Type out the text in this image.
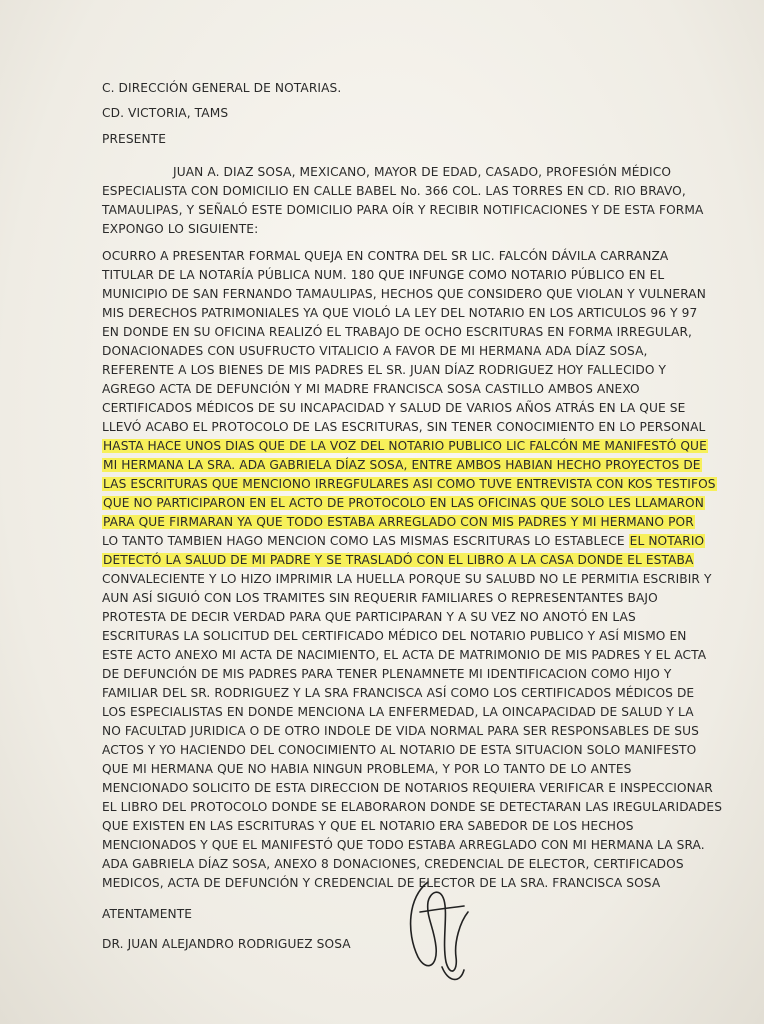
C. DIRECCIÓN GENERAL DE NOTARIAS.
CD. VICTORIA, TAMS
PRESENTE
JUAN A. DIAZ SOSA, MEXICANO, MAYOR DE EDAD, CASADO, PROFESIÓN MÉDICO
ESPECIALISTA CON DOMICILIO EN CALLE BABEL No. 366 COL. LAS TORRES EN CD. RIO BRAVO,
TAMAULIPAS, Y SEÑALÓ ESTE DOMICILIO PARA OÍR Y RECIBIR NOTIFICACIONES Y DE ESTA FORMA
EXPONGO LO SIGUIENTE:
OCURRO A PRESENTAR FORMAL QUEJA EN CONTRA DEL SR LIC. FALCÓN DÁVILA CARRANZA
TITULAR DE LA NOTARÍA PÚBLICA NUM. 180 QUE INFUNGE COMO NOTARIO PÚBLICO EN EL
MUNICIPIO DE SAN FERNANDO TAMAULIPAS, HECHOS QUE CONSIDERO QUE VIOLAN Y VULNERAN
MIS DERECHOS PATRIMONIALES YA QUE VIOLÓ LA LEY DEL NOTARIO EN LOS ARTICULOS 96 Y 97
EN DONDE EN SU OFICINA REALIZÓ EL TRABAJO DE OCHO ESCRITURAS EN FORMA IRREGULAR,
DONACIONADES CON USUFRUCTO VITALICIO A FAVOR DE MI HERMANA ADA DÍAZ SOSA,
REFERENTE A LOS BIENES DE MIS PADRES EL SR. JUAN DÍAZ RODRIGUEZ HOY FALLECIDO Y
AGREGO ACTA DE DEFUNCIÓN Y MI MADRE FRANCISCA SOSA CASTILLO AMBOS ANEXO
CERTIFICADOS MÉDICOS DE SU INCAPACIDAD Y SALUD DE VARIOS AÑOS ATRÁS EN LA QUE SE
LLEVÓ ACABO EL PROTOCOLO DE LAS ESCRITURAS, SIN TENER CONOCIMIENTO EN LO PERSONAL
HASTA HACE UNOS DIAS QUE DE LA VOZ DEL NOTARIO PUBLICO LIC FALCÓN ME MANIFESTÓ QUE
MI HERMANA LA SRA. ADA GABRIELA DÍAZ SOSA, ENTRE AMBOS HABIAN HECHO PROYECTOS DE
LAS ESCRITURAS QUE MENCIONO IRREGFULARES ASI COMO TUVE ENTREVISTA CON KOS TESTIFOS
QUE NO PARTICIPARON EN EL ACTO DE PROTOCOLO EN LAS OFICINAS QUE SOLO LES LLAMARON
PARA QUE FIRMARAN YA QUE TODO ESTABA ARREGLADO CON MIS PADRES Y MI HERMANO POR
LO TANTO TAMBIEN HAGO MENCION COMO LAS MISMAS ESCRITURAS LO ESTABLECE EL NOTARIO
DETECTÓ LA SALUD DE MI PADRE Y SE TRASLADÓ CON EL LIBRO A LA CASA DONDE EL ESTABA
CONVALECIENTE Y LO HIZO IMPRIMIR LA HUELLA PORQUE SU SALUBD NO LE PERMITIA ESCRIBIR Y
AUN ASÍ SIGUIÓ CON LOS TRAMITES SIN REQUERIR FAMILIARES O REPRESENTANTES BAJO
PROTESTA DE DECIR VERDAD PARA QUE PARTICIPARAN Y A SU VEZ NO ANOTÓ EN LAS
ESCRITURAS LA SOLICITUD DEL CERTIFICADO MÉDICO DEL NOTARIO PUBLICO Y ASÍ MISMO EN
ESTE ACTO ANEXO MI ACTA DE NACIMIENTO, EL ACTA DE MATRIMONIO DE MIS PADRES Y EL ACTA
DE DEFUNCIÓN DE MIS PADRES PARA TENER PLENAMNETE MI IDENTIFICACION COMO HIJO Y
FAMILIAR DEL SR. RODRIGUEZ Y LA SRA FRANCISCA ASÍ COMO LOS CERTIFICADOS MÉDICOS DE
LOS ESPECIALISTAS EN DONDE MENCIONA LA ENFERMEDAD, LA OINCAPACIDAD DE SALUD Y LA
NO FACULTAD JURIDICA O DE OTRO INDOLE DE VIDA NORMAL PARA SER RESPONSABLES DE SUS
ACTOS Y YO HACIENDO DEL CONOCIMIENTO AL NOTARIO DE ESTA SITUACION SOLO MANIFESTO
QUE MI HERMANA QUE NO HABIA NINGUN PROBLEMA, Y POR LO TANTO DE LO ANTES
MENCIONADO SOLICITO DE ESTA DIRECCION DE NOTARIOS REQUIERA VERIFICAR E INSPECCIONAR
EL LIBRO DEL PROTOCOLO DONDE SE ELABORARON DONDE SE DETECTARAN LAS IREGULARIDADES
QUE EXISTEN EN LAS ESCRITURAS Y QUE EL NOTARIO ERA SABEDOR DE LOS HECHOS
MENCIONADOS Y QUE EL MANIFESTÓ QUE TODO ESTABA ARREGLADO CON MI HERMANA LA SRA.
ADA GABRIELA DÍAZ SOSA, ANEXO 8 DONACIONES, CREDENCIAL DE ELECTOR, CERTIFICADOS
MEDICOS, ACTA DE DEFUNCIÓN Y CREDENCIAL DE ELECTOR DE LA SRA. FRANCISCA SOSA
ATENTAMENTE
DR. JUAN ALEJANDRO RODRIGUEZ SOSA
